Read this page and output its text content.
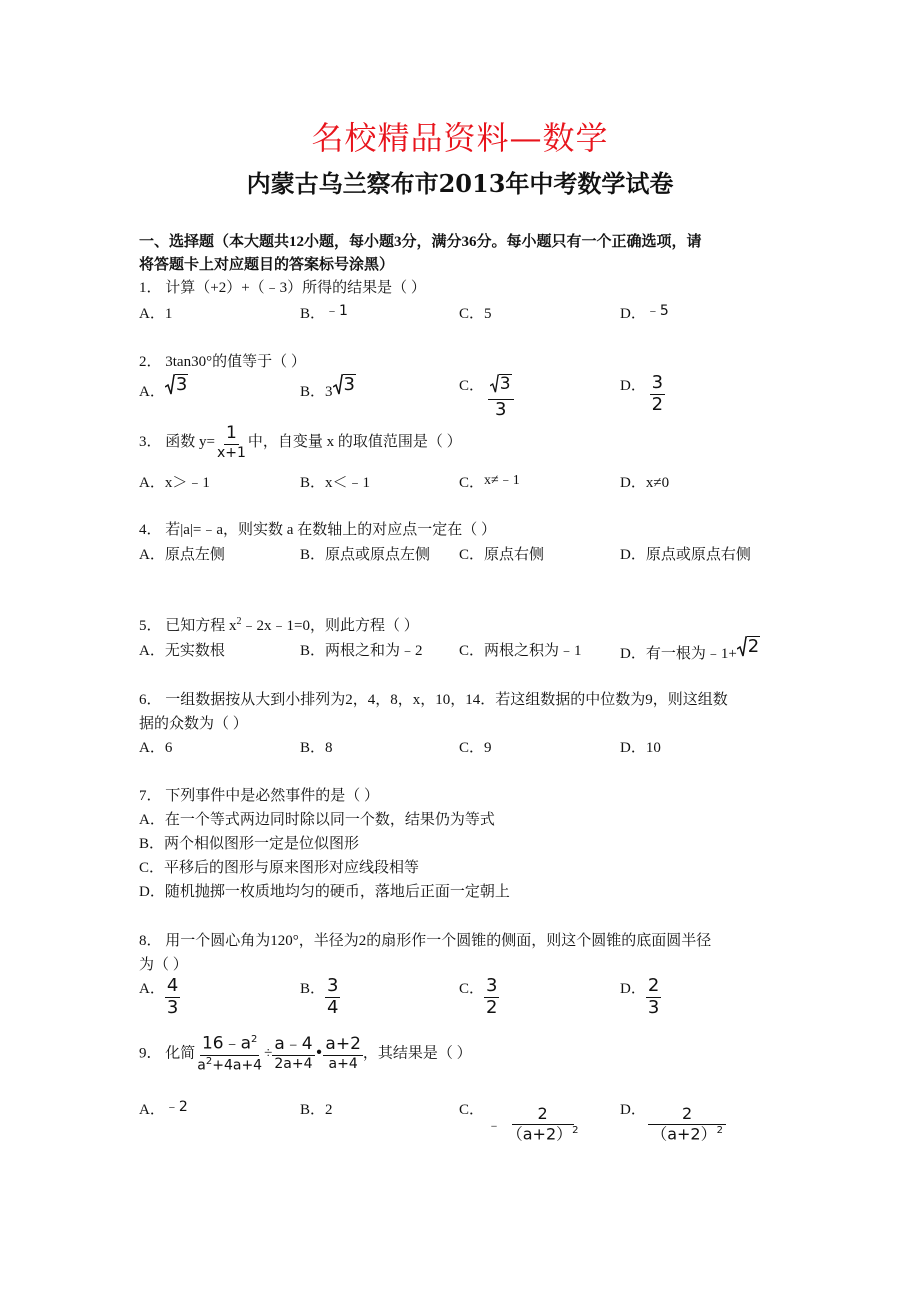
名校精品资料—数学
内蒙古乌兰察布市2013年中考数学试卷
一、选择题（本大题共12小题，每小题3分，满分36分。每小题只有一个正确选项，请
将答题卡上对应题目的答案标号涂黑）
1． 计算（+2）+（﹣3）所得的结果是（ ）
A．1	B．﹣1	C．5	D．﹣5
2． 3tan30°的值等于（ ）
A． 3	B．3 3	C． $\frac{3}{3}$	D． $\frac{3}{2}$
3． 函数 $y= \frac{1}{x+1}$ 中，自变量 x 的取值范围是（ ）
A．x＞﹣1	B．x＜﹣1	C．x≠﹣1	D．x≠0
4． 若|a|=﹣a，则实数 a 在数轴上的对应点一定在（ ）
A．原点左侧	B．原点或原点左侧 C．原点右侧	D．原点或原点右侧
5． 已知方程 $x^2﹣2x﹣1=0$，则此方程（ ）
A．无实数根	B．两根之和为﹣2 C．两根之积为﹣1	D．有一根为﹣1+ 2
6． 一组数据按从大到小排列为2，4，8，x，10，14．若这组数据的中位数为9，则这组数
据的众数为（ ）
A．6	B．8	C．9	D．10
7． 下列事件中是必然事件的是（ ）
A．在一个等式两边同时除以同一个数，结果仍为等式
B．两个相似图形一定是位似图形
C．平移后的图形与原来图形对应线段相等
D．随机抛掷一枚质地均匀的硬币，落地后正面一定朝上
8． 用一个圆心角为120°，半径为2的扇形作一个圆锥的侧面，则这个圆锥的底面圆半径
为（ ）
A． $\frac{4}{3}$	B． $\frac{3}{4}$	C． $\frac{3}{2}$	D． $\frac{2}{3}$
9． 化简 $\frac{16﹣a^2}{a^2+4a+4} \div \frac{a﹣4}{2a+4}$ • $\frac{a+2}{a+4}$ ，其结果是（ ）
A．﹣2	B．2	C．
﹣ $\frac{2}{(a+2)^2}$	D． $\frac{2}{(a+2)^2}$
